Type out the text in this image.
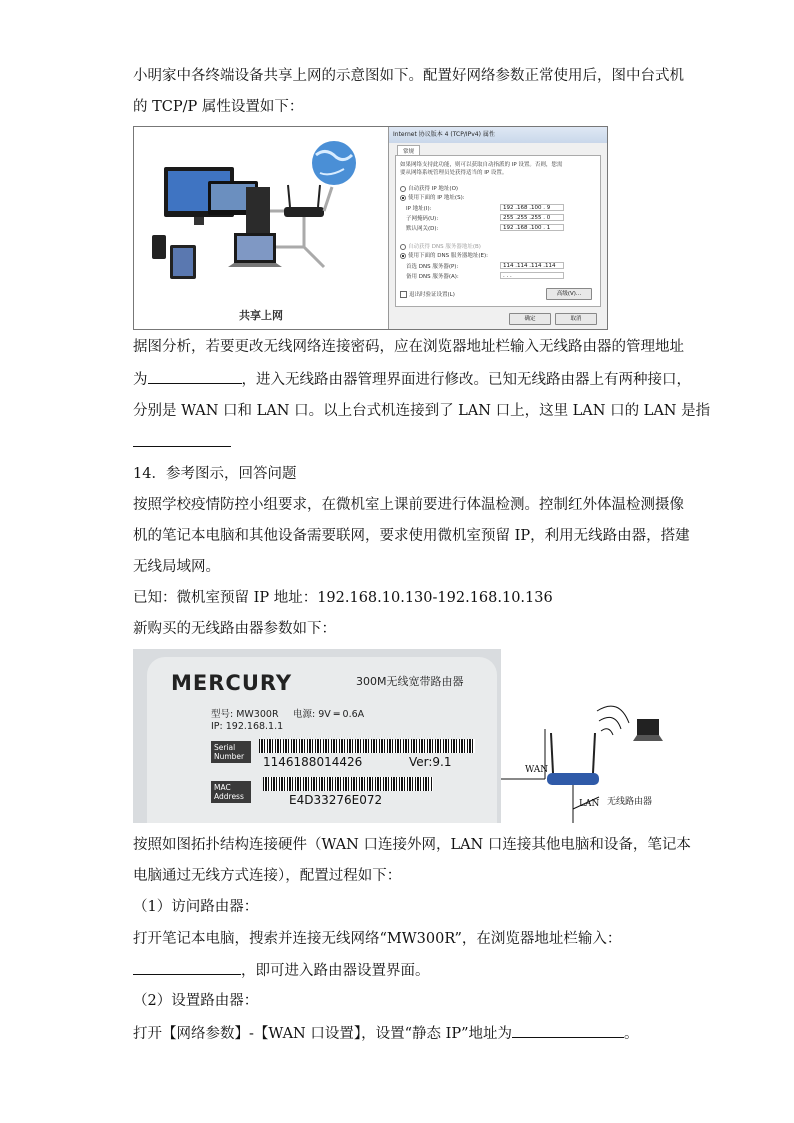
小明家中各终端设备共享上网的示意图如下。配置好网络参数正常使用后，图中台式机
的 TCP/P 属性设置如下：
共享上网
Internet 协议版本 4 (TCP/IPv4) 属性
常规
如果网络支持此功能，则可以获取自动指派的 IP 设置。否则，您需
要从网络系统管理员处获得适当的 IP 设置。
自动获得 IP 地址(O)
使用下面的 IP 地址(S):
IP 地址(I):	192 .168 .100 . 9
子网掩码(U):	255 .255 .255 . 0
默认网关(D):	192 .168 .100 . 1
自动获得 DNS 服务器地址(B)
使用下面的 DNS 服务器地址(E):
首选 DNS 服务器(P):	114 .114 .114 .114
备用 DNS 服务器(A):	. . .
退出时验证设置(L)	高级(V)...
确定	取消
据图分析，若要更改无线网络连接密码，应在浏览器地址栏输入无线路由器的管理地址
为	，进入无线路由器管理界面进行修改。已知无线路由器上有两种接口，
分别是 WAN 口和 LAN 口。以上台式机连接到了 LAN 口上，这里 LAN 口的 LAN 是指
14．参考图示，回答问题
按照学校疫情防控小组要求，在微机室上课前要进行体温检测。控制红外体温检测摄像
机的笔记本电脑和其他设备需要联网，要求使用微机室预留 IP，利用无线路由器，搭建
无线局域网。
已知：微机室预留 IP 地址：192.168.10.130-192.168.10.136
新购买的无线路由器参数如下：
MERCURY	300M无线宽带路由器
型号: MW300R 电源: 9V ═ 0.6A
IP: 192.168.1.1
Serial
Number	1146188014426	Ver:9.1
MAC
Address	E4D33276E072
WAN
LAN 无线路由器
按照如图拓扑结构连接硬件（WAN 口连接外网，LAN 口连接其他电脑和设备，笔记本
电脑通过无线方式连接），配置过程如下：
（1）访问路由器：
打开笔记本电脑，搜索并连接无线网络“MW300R”，在浏览器地址栏输入：
，即可进入路由器设置界面。
（2）设置路由器：
打开【网络参数】-【WAN 口设置】，设置“静态 IP”地址为	。
